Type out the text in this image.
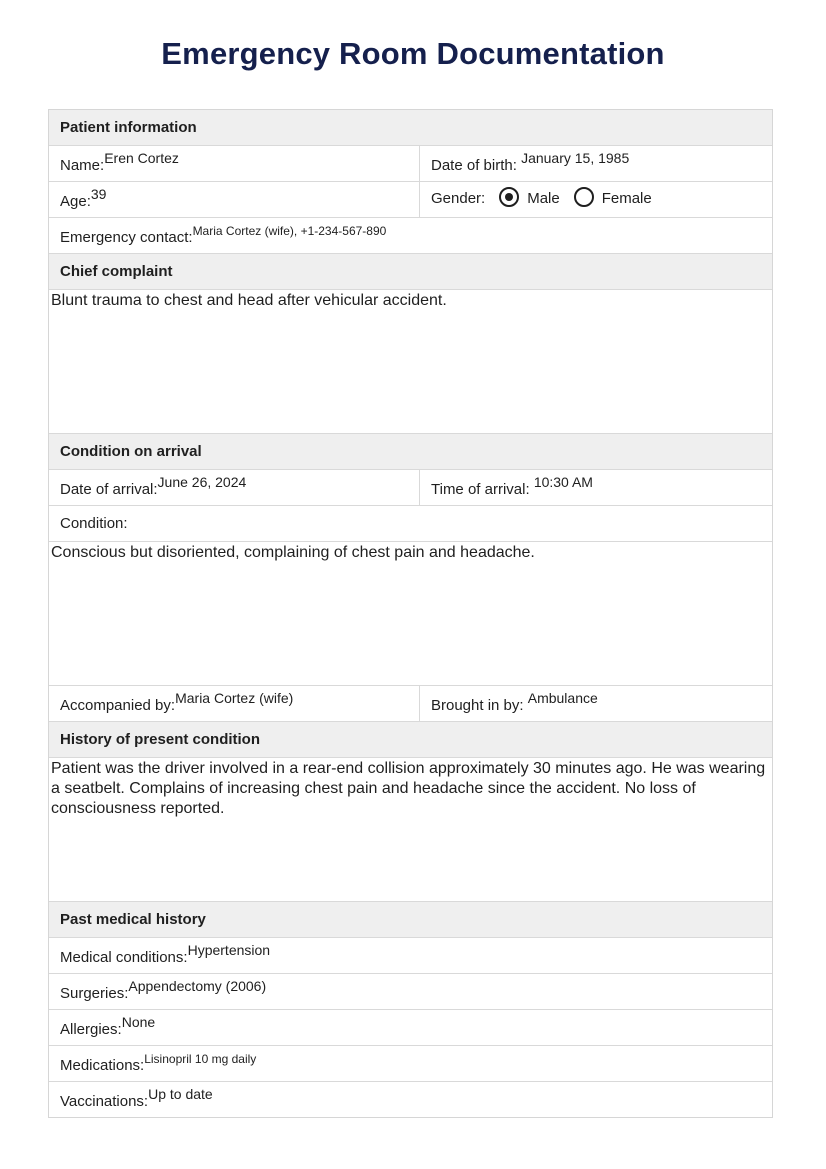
Emergency Room Documentation
Patient information
Name:Eren Cortez	Date of birth: January 15, 1985
Age:39	Gender:	Male	Female
Emergency contact:$^{Maria Cortez (wife), +1-234-567-890}$
Chief complaint
Blunt trauma to chest and head after vehicular accident.
Condition on arrival
Date of arrival:June 26, 2024	Time of arrival: 10:30 AM
Condition:
Conscious but disoriented, complaining of chest pain and headache.
Accompanied by:Maria Cortez (wife)	Brought in by: Ambulance
History of present condition
Patient was the driver involved in a rear-end collision approximately 30 minutes ago. He was wearing a seatbelt. Complains of increasing chest pain and headache since the accident. No loss of consciousness reported.
Past medical history
Medical conditions:Hypertension
Surgeries:Appendectomy (2006)
Allergies:None
Medications:$^{Lisinopril 10 mg daily}$
Vaccinations:Up to date
